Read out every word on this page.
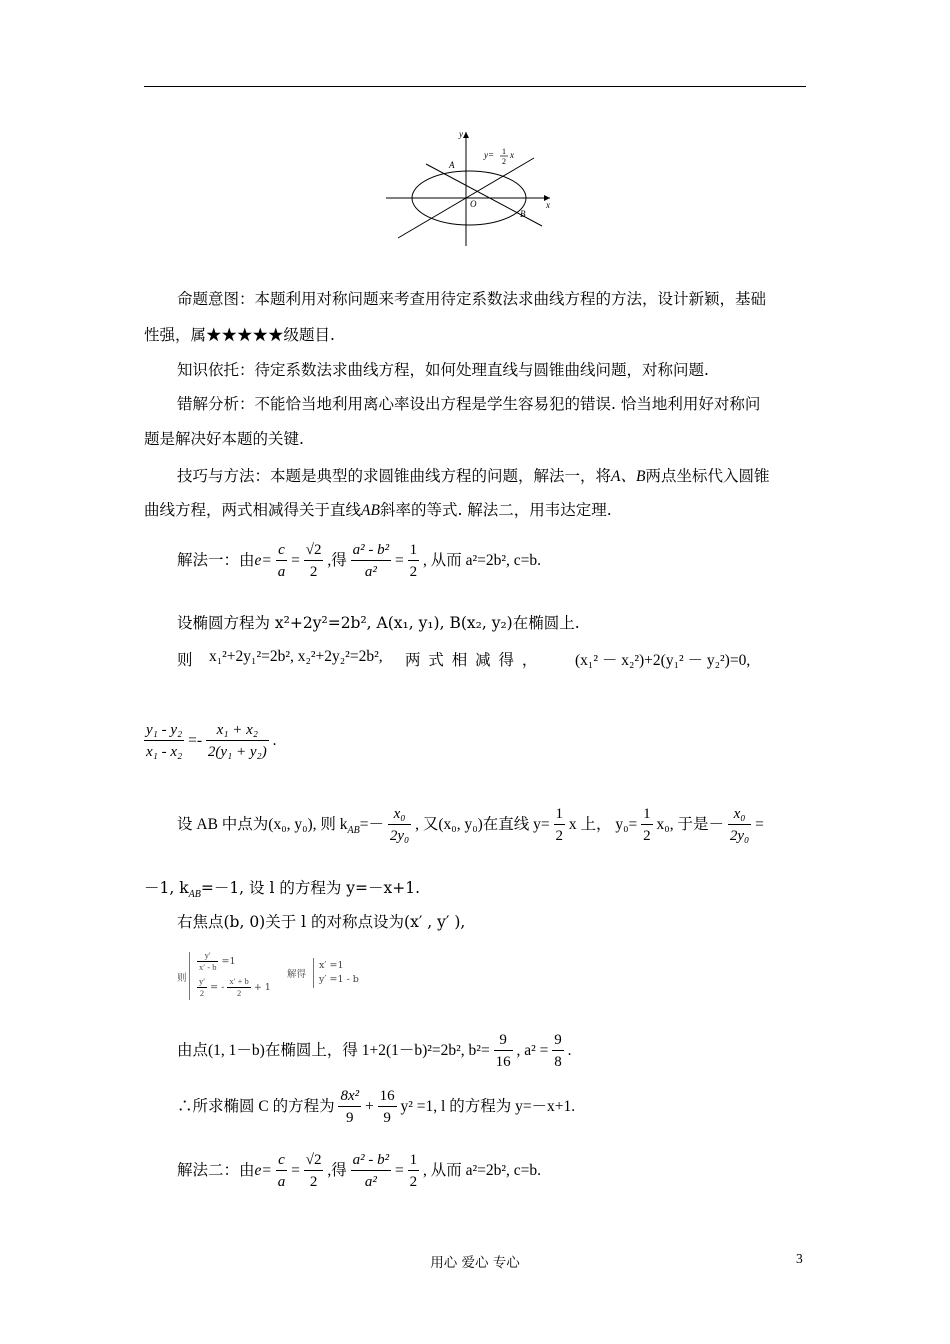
y
x
O
A
B
y= 1
2
x
命题意图：本题利用对称问题来考查用待定系数法求曲线方程的方法，设计新颖，基础
性强，属★★★★★级题目.
知识依托：待定系数法求曲线方程，如何处理直线与圆锥曲线问题，对称问题.
错解分析：不能恰当地利用离心率设出方程是学生容易犯的错误. 恰当地利用好对称问
题是解决好本题的关键.
技巧与方法：本题是典型的求圆锥曲线方程的问题，解法一，将A、B两点坐标代入圆锥
曲线方程，两式相减得关于直线AB斜率的等式. 解法二，用韦达定理.
解法一：由$e= \frac{c}{a} = \frac{√2}{2}$ ,得 $\frac{\text{a² - b²}}{\text{a²}} = \frac{1}{2}$ , 从而 a²=2b², c=b.
设椭圆方程为 x²+2y²=2b², A(x₁, y₁), B(x₂, y₂)在椭圆上.
则 x₁²+2y₁²=2b², x₂²+2y₂²=2b², 两 式 相 减 得 ， (x₁² － x₂²)+2(y₁² － y₂²)=0,
$\frac{\text{y₁ - y₂}}{\text{x₁ - x₂}} =- \frac{\text{x₁ + x₂}}{\text{2(y₁ + y₂)}}$ .
设 AB 中点为(x₀, y₀), 则 $k_{AB}=- \frac{\text{x₀}}{\text{2y₀}}$ , 又(x₀, y₀)在直线 $y= \frac{1}{2}$ x 上， $y_0= \frac{1}{2} x_0$, 于是－ $\frac{\text{x₀}}{\text{2y₀}}$ =
－1, $k_{AB}=-1$, 设 l 的方程为 y=－x+1.
右焦点(b, 0)关于 l 的对称点设为(x′ , y′ ),
则
$\frac{y'}{x' - b} =1$
$\frac{y'}{2}$ = - $\frac{x' + b}{2} + 1$
解得
x′ =1
y′ =1 - b
由点(1, 1－b)在椭圆上，得 1+2(1－b)²=2b², $b^2= \frac{9}{16}$ , $a^2 = \frac{9}{8}$ .
∴所求椭圆 C 的方程为 $\frac{\text{8x²}}{9} + \frac{16}{9} y^2 =1$, l 的方程为 y=－x+1.
解法二：由$e= \frac{c}{a} = \frac{√2}{2}$ ,得 $\frac{\text{a² - b²}}{\text{a²}} = \frac{1}{2}$ , 从而 a²=2b², c=b.
用心 爱心 专心	3
